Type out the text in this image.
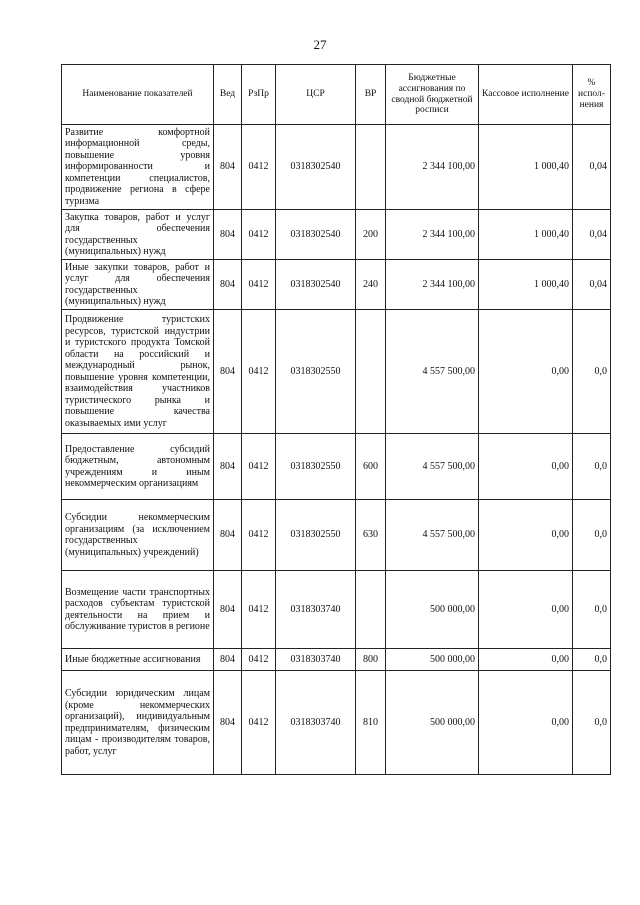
27
Наименование показателей	Вед	РзПр	ЦСР	ВР	Бюджетные ассигнования по сводной бюджетной росписи	Кассовое исполнение	% испол-нения
Развитие комфортной информационной среды, повышение уровня информированности и компетенции специалистов, продвижение региона в сфере туризма	804	0412	0318302540		2 344 100,00	1 000,40	0,04
Закупка товаров, работ и услуг для обеспечения государственных (муниципальных) нужд	804	0412	0318302540	200	2 344 100,00	1 000,40	0,04
Иные закупки товаров, работ и услуг для обеспечения государственных (муниципальных) нужд	804	0412	0318302540	240	2 344 100,00	1 000,40	0,04
Продвижение туристских ресурсов, туристской индустрии и туристского продукта Томской области на российский и международный рынок, повышение уровня компетенции, взаимодействия участников туристического рынка и повышение качества оказываемых ими услуг	804	0412	0318302550		4 557 500,00	0,00	0,0
Предоставление субсидий бюджетным, автономным учреждениям и иным некоммерческим организациям	804	0412	0318302550	600	4 557 500,00	0,00	0,0
Субсидии некоммерческим организациям (за исключением государственных (муниципальных) учреждений)	804	0412	0318302550	630	4 557 500,00	0,00	0,0
Возмещение части транспортных расходов субъектам туристской деятельности на прием и обслуживание туристов в регионе	804	0412	0318303740		500 000,00	0,00	0,0
Иные бюджетные ассигнования	804	0412	0318303740	800	500 000,00	0,00	0,0
Субсидии юридическим лицам (кроме некоммерческих организаций), индивидуальным предпринимателям, физическим лицам - производителям товаров, работ, услуг	804	0412	0318303740	810	500 000,00	0,00	0,0
